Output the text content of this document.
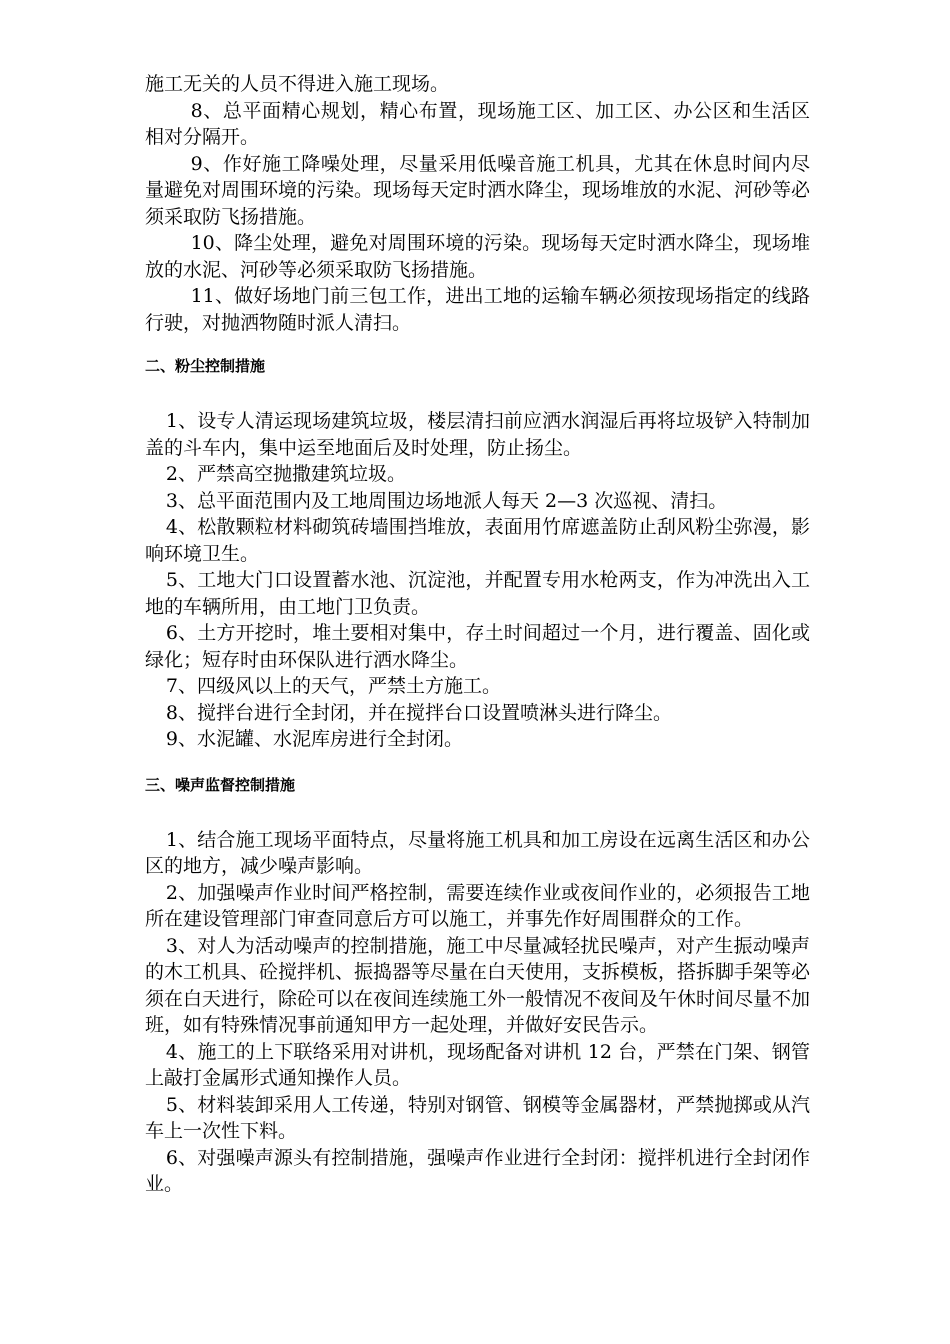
施工无关的人员不得进入施工现场。

8、总平面精心规划，精心布置，现场施工区、加工区、办公区和生活区相对分隔开。

9、作好施工降噪处理，尽量采用低噪音施工机具，尤其在休息时间内尽量避免对周围环境的污染。现场每天定时洒水降尘，现场堆放的水泥、河砂等必须采取防飞扬措施。

10、降尘处理，避免对周围环境的污染。现场每天定时洒水降尘，现场堆放的水泥、河砂等必须采取防飞扬措施。

11、做好场地门前三包工作，进出工地的运输车辆必须按现场指定的线路行驶，对抛洒物随时派人清扫。

二、粉尘控制措施

1、设专人清运现场建筑垃圾，楼层清扫前应洒水润湿后再将垃圾铲入特制加盖的斗车内，集中运至地面后及时处理，防止扬尘。

2、严禁高空抛撒建筑垃圾。

3、总平面范围内及工地周围边场地派人每天 2—3 次巡视、清扫。

4、松散颗粒材料砌筑砖墙围挡堆放，表面用竹席遮盖防止刮风粉尘弥漫，影响环境卫生。

5、工地大门口设置蓄水池、沉淀池，并配置专用水枪两支，作为冲洗出入工地的车辆所用，由工地门卫负责。

6、土方开挖时，堆土要相对集中，存土时间超过一个月，进行覆盖、固化或绿化；短存时由环保队进行洒水降尘。

7、四级风以上的天气，严禁土方施工。

8、搅拌台进行全封闭，并在搅拌台口设置喷淋头进行降尘。

9、水泥罐、水泥库房进行全封闭。

三、噪声监督控制措施

1、结合施工现场平面特点，尽量将施工机具和加工房设在远离生活区和办公区的地方，减少噪声影响。

2、加强噪声作业时间严格控制，需要连续作业或夜间作业的，必须报告工地所在建设管理部门审查同意后方可以施工，并事先作好周围群众的工作。

3、对人为活动噪声的控制措施，施工中尽量减轻扰民噪声，对产生振动噪声的木工机具、砼搅拌机、振捣器等尽量在白天使用，支拆模板，搭拆脚手架等必须在白天进行，除砼可以在夜间连续施工外一般情况不夜间及午休时间尽量不加班，如有特殊情况事前通知甲方一起处理，并做好安民告示。

4、施工的上下联络采用对讲机，现场配备对讲机 12 台，严禁在门架、钢管上敲打金属形式通知操作人员。

5、材料装卸采用人工传递，特别对钢管、钢模等金属器材，严禁抛掷或从汽车上一次性下料。

6、对强噪声源头有控制措施，强噪声作业进行全封闭：搅拌机进行全封闭作业。
